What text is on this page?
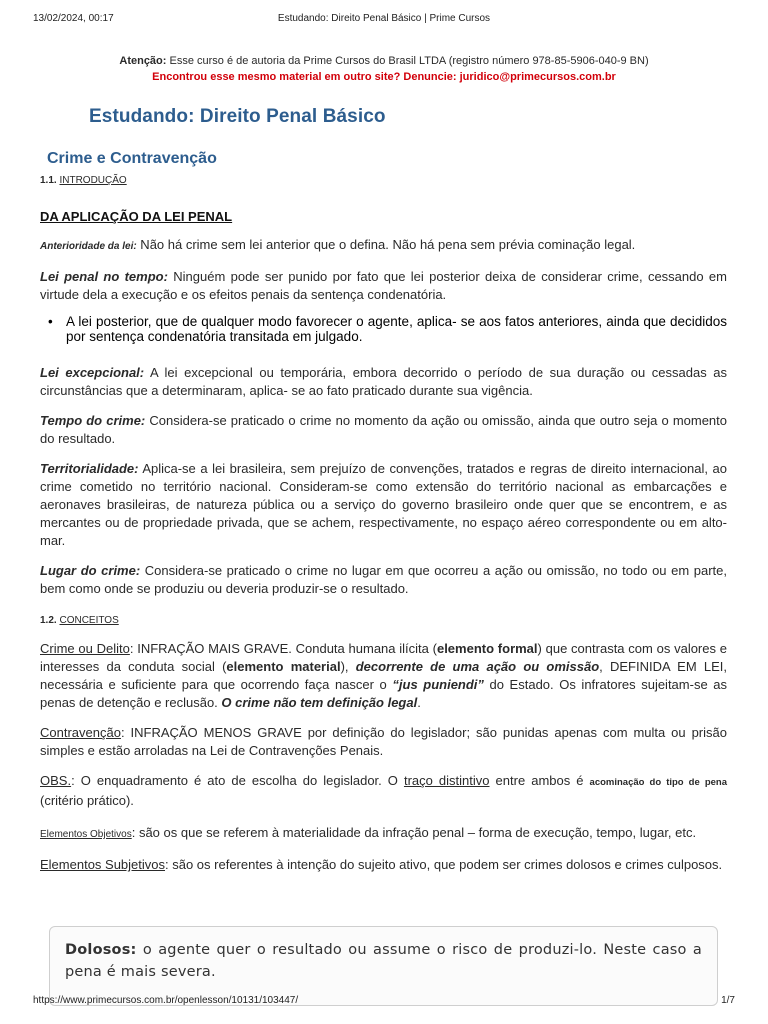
13/02/2024, 00:17	Estudando: Direito Penal Básico | Prime Cursos
Atenção: Esse curso é de autoria da Prime Cursos do Brasil LTDA (registro número 978-85-5906-040-9 BN)
Encontrou esse mesmo material em outro site? Denuncie: juridico@primecursos.com.br
Estudando: Direito Penal Básico
Crime e Contravenção

1.1. INTRODUÇÃO

DA APLICAÇÃO DA LEI PENAL

Anterioridade da lei: Não há crime sem lei anterior que o defina. Não há pena sem prévia cominação legal.

Lei penal no tempo: Ninguém pode ser punido por fato que lei posterior deixa de considerar crime, cessando em virtude dela a execução e os efeitos penais da sentença condenatória.

• A lei posterior, que de qualquer modo favorecer o agente, aplica- se aos fatos anteriores, ainda que decididos por sentença condenatória transitada em julgado.

Lei excepcional: A lei excepcional ou temporária, embora decorrido o período de sua duração ou cessadas as circunstâncias que a determinaram, aplica- se ao fato praticado durante sua vigência.

Tempo do crime: Considera-se praticado o crime no momento da ação ou omissão, ainda que outro seja o momento do resultado.

Territorialidade: Aplica-se a lei brasileira, sem prejuízo de convenções, tratados e regras de direito internacional, ao crime cometido no território nacional. Consideram-se como extensão do território nacional as embarcações e aeronaves brasileiras, de natureza pública ou a serviço do governo brasileiro onde quer que se encontrem, e as mercantes ou de propriedade privada, que se achem, respectivamente, no espaço aéreo correspondente ou em alto-mar.

Lugar do crime: Considera-se praticado o crime no lugar em que ocorreu a ação ou omissão, no todo ou em parte, bem como onde se produziu ou deveria produzir-se o resultado.

1.2. CONCEITOS

Crime ou Delito: INFRAÇÃO MAIS GRAVE. Conduta humana ilícita (elemento formal) que contrasta com os valores e interesses da conduta social (elemento material), decorrente de uma ação ou omissão, DEFINIDA EM LEI, necessária e suficiente para que ocorrendo faça nascer o “jus puniendi” do Estado. Os infratores sujeitam-se as penas de detenção e reclusão. O crime não tem definição legal.

Contravenção: INFRAÇÃO MENOS GRAVE por definição do legislador; são punidas apenas com multa ou prisão simples e estão arroladas na Lei de Contravenções Penais.

OBS.: O enquadramento é ato de escolha do legislador. O traço distintivo entre ambos é acominação do tipo de pena (critério prático).

Elementos Objetivos: são os que se referem à materialidade da infração penal – forma de execução, tempo, lugar, etc.

Elementos Subjetivos: são os referentes à intenção do sujeito ativo, que podem ser crimes dolosos e crimes culposos.

Dolosos: o agente quer o resultado ou assume o risco de produzi-lo. Neste caso a pena é mais severa.

https://www.primecursos.com.br/openlesson/10131/103447/	1/7
